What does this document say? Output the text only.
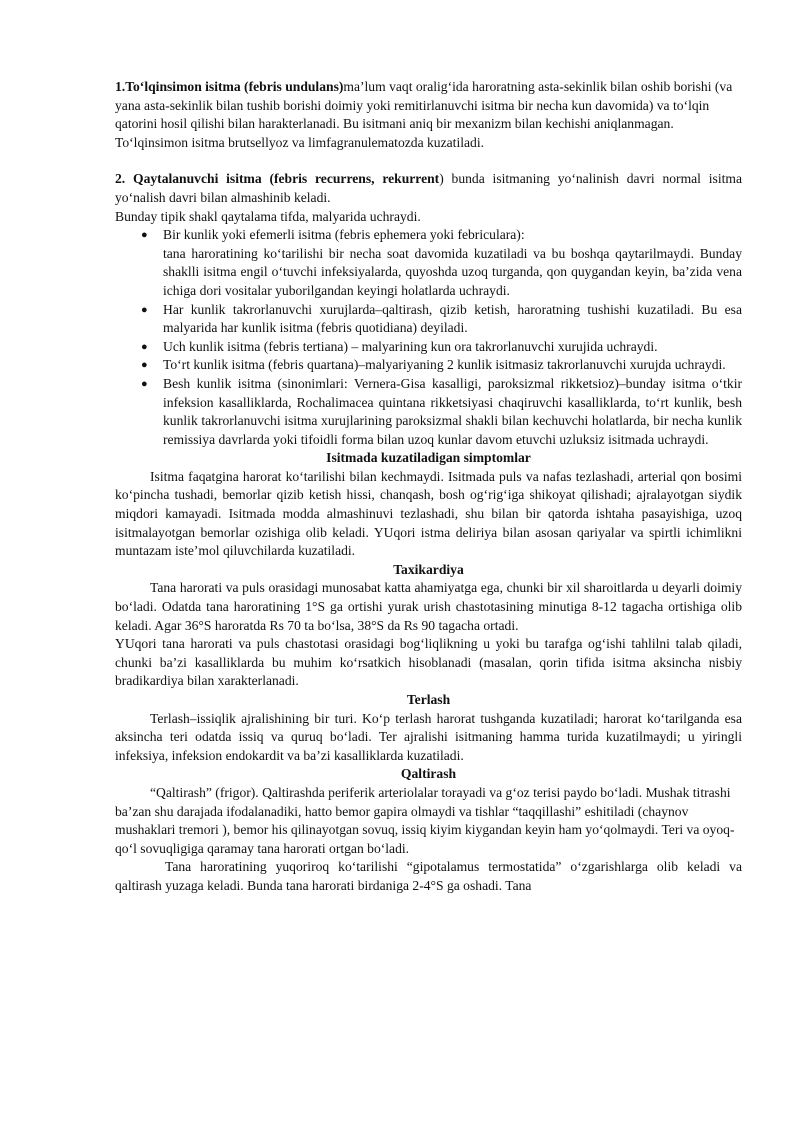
1.To‘lqinsimon isitma (febris undulans)ma’lum vaqt oralig‘ida haroratning asta-sekinlik bilan oshib borishi (va yana asta-sekinlik bilan tushib borishi doimiy yoki remitirlanuvchi isitma bir necha kun davomida) va to‘lqin qatorini hosil qilishi bilan harakterlanadi. Bu isitmani aniq bir mexanizm bilan kechishi aniqlanmagan. To‘lqinsimon isitma brutsellyoz va limfagranulematozda kuzatiladi.

2. Qaytalanuvchi isitma (febris recurrens, rekurrent) bunda isitmaning yo‘nalinish davri normal isitma yo‘nalish davri bilan almashinib keladi.

Bunday tipik shakl qaytalama tifda, malyarida uchraydi.

● Bir kunlik yoki efemerli isitma (febris ephemera yoki febricularа):
tana haroratining ko‘tarilishi bir necha soat davomida kuzatiladi va bu boshqa qaytarilmaydi. Bunday shaklli isitma engil o‘tuvchi infeksiyalarda, quyoshda uzoq turganda, qon quygandan keyin, ba’zida vena ichiga dori vositalar yuborilgandan keyingi holatlarda uchraydi.
● Har kunlik takrorlanuvchi xurujlarda–qaltirash, qizib ketish, haroratning tushishi kuzatiladi. Bu esa malyarida har kunlik isitma (febris quotidiana) deyiladi.
● Uch kunlik isitma (febris tertiana) – malyarining kun ora takrorlanuvchi xurujida uchraydi.
● To‘rt kunlik isitma (febris quartana)–malyariyaning 2 kunlik isitmasiz takrorlanuvchi xurujda uchraydi.
● Besh kunlik isitma (sinonimlari: Vernera-Gisa kasalligi, paroksizmal rikketsioz)–bunday isitma o‘tkir infeksion kasalliklarda, Rochalimacea quintana rikketsiyasi chaqiruvchi kasalliklarda, to‘rt kunlik, besh kunlik takrorlanuvchi isitma xurujlarining paroksizmal shakli bilan kechuvchi holatlarda, bir necha kunlik remissiya davrlarda yoki tifoidli forma bilan uzoq kunlar davom etuvchi uzluksiz isitmada uchraydi.

Isitmada kuzatiladigan simptomlar

Isitma faqatgina harorat ko‘tarilishi bilan kechmaydi. Isitmada puls va nafas tezlashadi, arterial qon bosimi ko‘pincha tushadi, bemorlar qizib ketish hissi, chanqash, bosh og‘rig‘iga shikoyat qilishadi; ajralayotgan siydik miqdori kamayadi. Isitmada modda almashinuvi tezlashadi, shu bilan bir qatorda ishtaha pasayishiga, uzoq isitmalayotgan bemorlar ozishiga olib keladi. YUqori istma deliriya bilan asosan qariyalar va spirtli ichimlikni muntazam iste’mol qiluvchilarda kuzatiladi.

Taxikardiya

Tana harorati va puls orasidagi munosabat katta ahamiyatga ega, chunki bir xil sharoitlarda u deyarli doimiy bo‘ladi. Odatda tana haroratining 1°S ga ortishi yurak urish chastotasining minutiga 8-12 tagacha ortishiga olib keladi. Agar 36°S haroratda Rs 70 ta bo‘lsa, 38°S da Rs 90 tagacha ortadi.

YUqori tana harorati va puls chastotasi orasidagi bog‘liqlikning u yoki bu tarafga og‘ishi tahlilni talab qiladi, chunki ba’zi kasalliklarda bu muhim ko‘rsatkich hisoblanadi (masalan, qorin tifida isitma aksincha nisbiy bradikardiya bilan xarakterlanadi.

Terlash

Terlash–issiqlik ajralishining bir turi. Ko‘p terlash harorat tushganda kuzatiladi; harorat ko‘tarilganda esa aksincha teri odatda issiq va quruq bo‘ladi. Ter ajralishi isitmaning hamma turida kuzatilmaydi; u yiringli infeksiya, infeksion endokardit va ba’zi kasalliklarda kuzatiladi.

Qaltirash

“Qaltirash” (frigor). Qaltirashda periferik arteriolalar torayadi va g‘oz terisi paydo bo‘ladi. Mushak titrashi ba’zan shu darajada ifodalanadiki, hatto bemor gapira olmaydi va tishlar “taqqillashi” eshitiladi (chaynov mushaklari tremori ), bemor his qilinayotgan sovuq, issiq kiyim kiygandan keyin ham yo‘qolmaydi. Teri va oyoq- qo‘l sovuqligiga qaramay tana harorati ortgan bo‘ladi.

Tana haroratining yuqoriroq ko‘tarilishi “gipotalamus termostatida” o‘zgarishlarga olib keladi va qaltirash yuzaga keladi. Bunda tana harorati birdaniga 2-4°S ga oshadi. Tana
